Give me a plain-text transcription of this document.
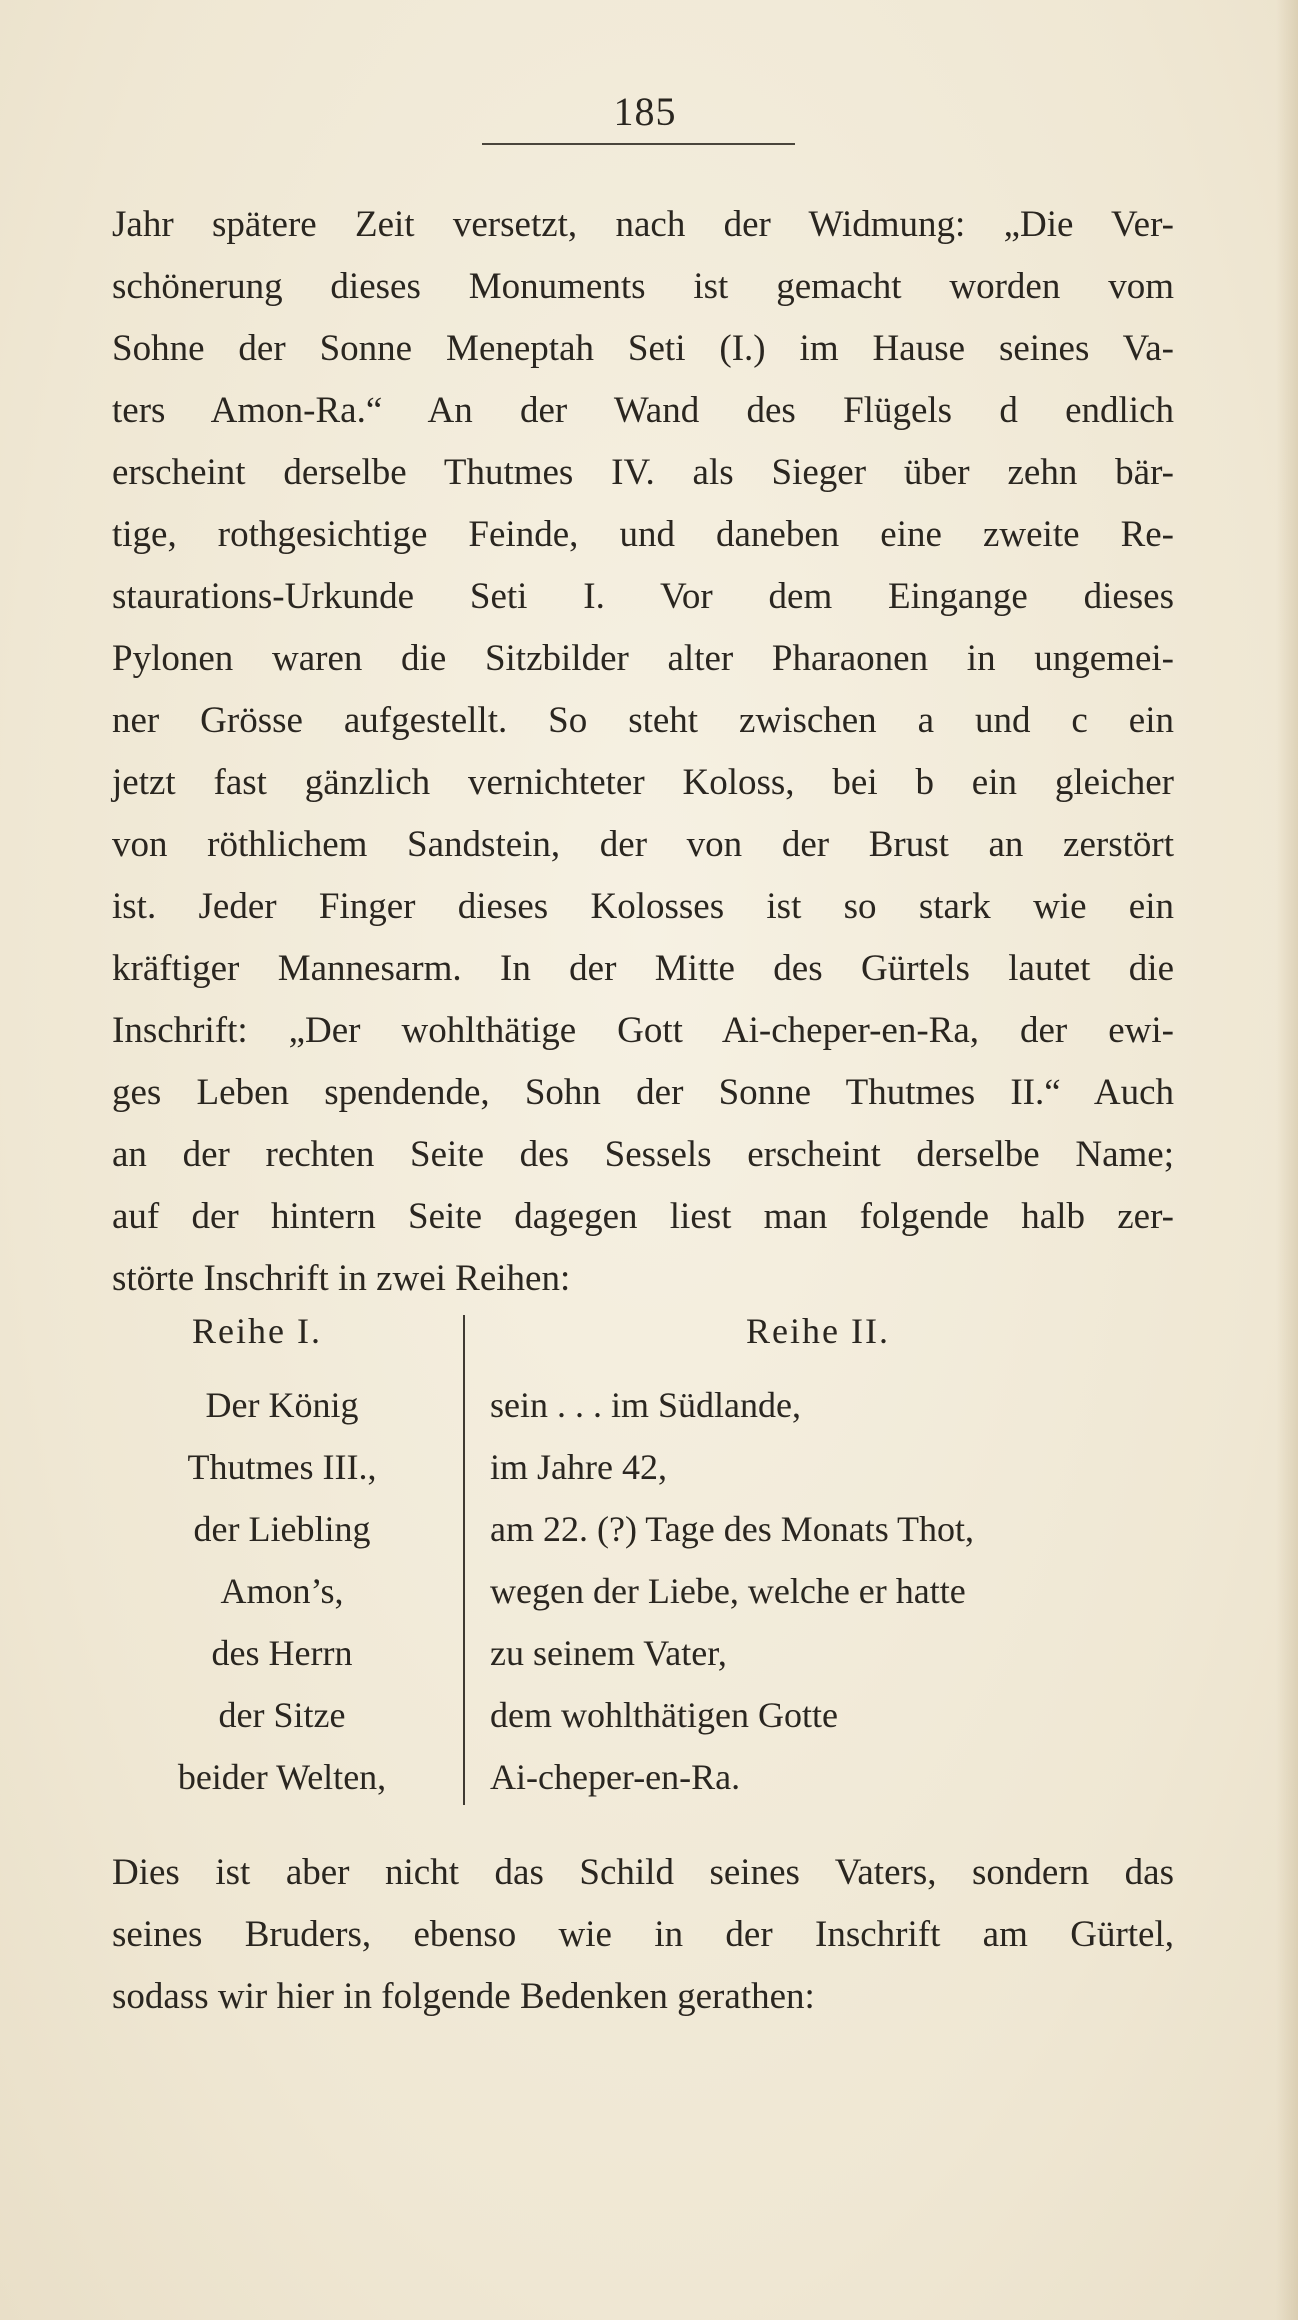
185
Jahr spätere Zeit versetzt, nach der Widmung: „Die Ver-
schönerung dieses Monuments ist gemacht worden vom
Sohne der Sonne Meneptah Seti (I.) im Hause seines Va-
ters Amon-Ra.“ An der Wand des Flügels d endlich
erscheint derselbe Thutmes IV. als Sieger über zehn bär-
tige, rothgesichtige Feinde, und daneben eine zweite Re-
staurations-Urkunde Seti I. Vor dem Eingange dieses
Pylonen waren die Sitzbilder alter Pharaonen in ungemei-
ner Grösse aufgestellt. So steht zwischen a und c ein
jetzt fast gänzlich vernichteter Koloss, bei b ein gleicher
von röthlichem Sandstein, der von der Brust an zerstört
ist. Jeder Finger dieses Kolosses ist so stark wie ein
kräftiger Mannesarm. In der Mitte des Gürtels lautet die
Inschrift: „Der wohlthätige Gott Ai-cheper-en-Ra, der ewi-
ges Leben spendende, Sohn der Sonne Thutmes II.“ Auch
an der rechten Seite des Sessels erscheint derselbe Name;
auf der hintern Seite dagegen liest man folgende halb zer-
störte Inschrift in zwei Reihen:
Reihe I.
Der König
Thutmes III.,
der Liebling
Amon’s,
des Herrn
der Sitze
beider Welten,
Reihe II.
sein . . . im Südlande,
im Jahre 42,
am 22. (?) Tage des Monats Thot,
wegen der Liebe, welche er hatte
zu seinem Vater,
dem wohlthätigen Gotte
Ai-cheper-en-Ra.
Dies ist aber nicht das Schild seines Vaters, sondern das
seines Bruders, ebenso wie in der Inschrift am Gürtel,
sodass wir hier in folgende Bedenken gerathen:
